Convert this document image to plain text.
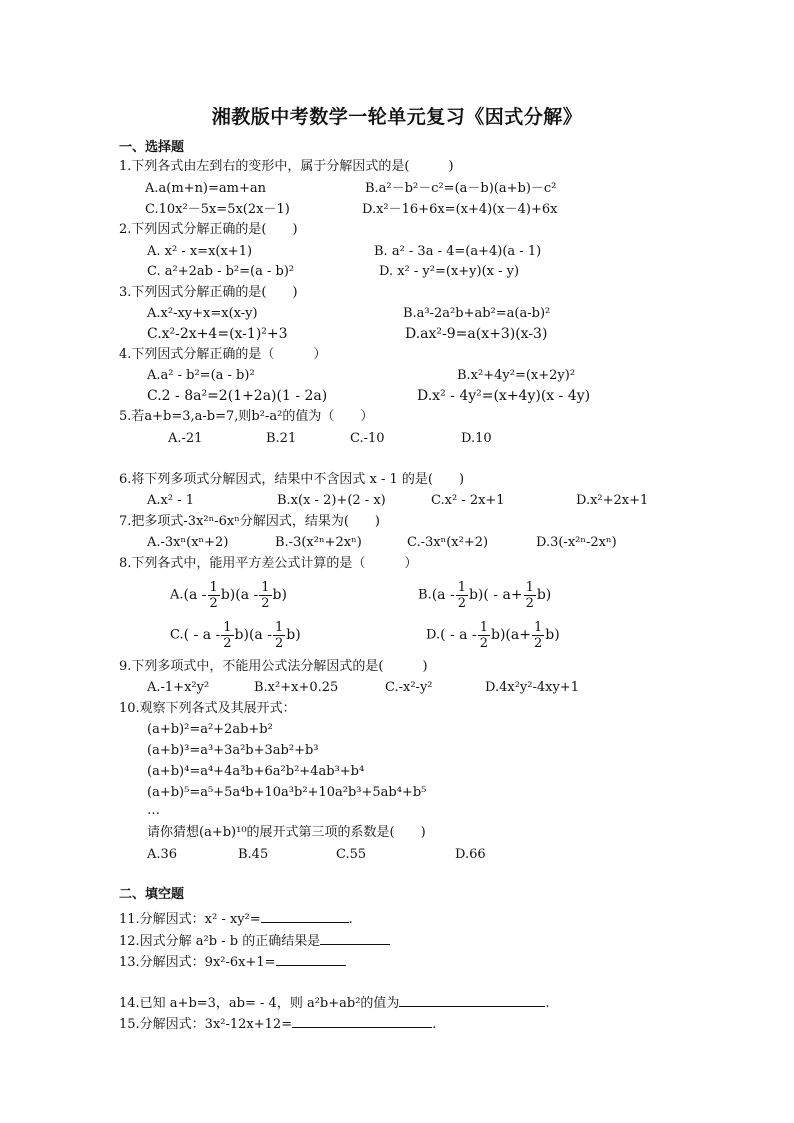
湘教版中考数学一轮单元复习《因式分解》
一、选择题
1.下列各式由左到右的变形中，属于分解因式的是(　　　)
A.a(m+n)=am+an	B.a²－b²－c²=(a－b)(a+b)－c²
C.10x²－5x=5x(2x－1)	D.x²－16+6x=(x+4)(x－4)+6x
2.下列因式分解正确的是(　　)
A. x² - x=x(x+1)	B. a² - 3a - 4=(a+4)(a - 1)
C. a²+2ab - b²=(a - b)²	D. x² - y²=(x+y)(x - y)
3.下列因式分解正确的是(　　)
A.x²-xy+x=x(x-y)	B.a³-2a²b+ab²=a(a-b)²
C.x²-2x+4=(x-1)²+3	D.ax²-9=a(x+3)(x-3)
4.下列因式分解正确的是（　　　）
A.a² - b²=(a - b)²	B.x²+4y²=(x+2y)²
C.2 - 8a²=2(1+2a)(1 - 2a)	D.x² - 4y²=(x+4y)(x - 4y)
5.若a+b=3,a-b=7,则b²-a²的值为（　　）
A.-21	B.21	C.-10	D.10
6.将下列多项式分解因式，结果中不含因式 x - 1 的是(　　)
A.x² - 1	B.x(x - 2)+(2 - x)	C.x² - 2x+1	D.x²+2x+1
7.把多项式-3x²ⁿ-6xⁿ分解因式，结果为(　　)
A.-3xⁿ(xⁿ+2)	B.-3(x²ⁿ+2xⁿ)	C.-3xⁿ(x²+2)	D.3(-x²ⁿ-2xⁿ)
8.下列各式中，能用平方差公式计算的是（　　　）
$A.(a - \frac{1}{2} b)(a - \frac{1}{2} b)$	$B.(a - \frac{1}{2} b)( - a+ \frac{1}{2} b)$
C.( - a - $\frac{1}{2} b)(a - \frac{1}{2} b)$	$D.( - a - \frac{1}{2} b)(a+ \frac{1}{2} b)$
9.下列多项式中，不能用公式法分解因式的是(　　　)
A.-1+x²y²	B.x²+x+0.25	C.-x²-y²	D.4x²y²-4xy+1
10.观察下列各式及其展开式：
(a+b)²=a²+2ab+b²
(a+b)³=a³+3a²b+3ab²+b³
(a+b)⁴=a⁴+4a³b+6a²b²+4ab³+b⁴
(a+b)⁵=a⁵+5a⁴b+10a³b²+10a²b³+5ab⁴+b⁵
…
请你猜想(a+b)¹⁰的展开式第三项的系数是(　　)
A.36	B.45	C.55	D.66
二、填空题
11.分解因式：x² - xy²=	.
12.因式分解 a²b - b 的正确结果是
13.分解因式：9x²-6x+1=
14.已知 a+b=3，ab= - 4，则 a²b+ab²的值为	.
15.分解因式：3x²-12x+12=	.
